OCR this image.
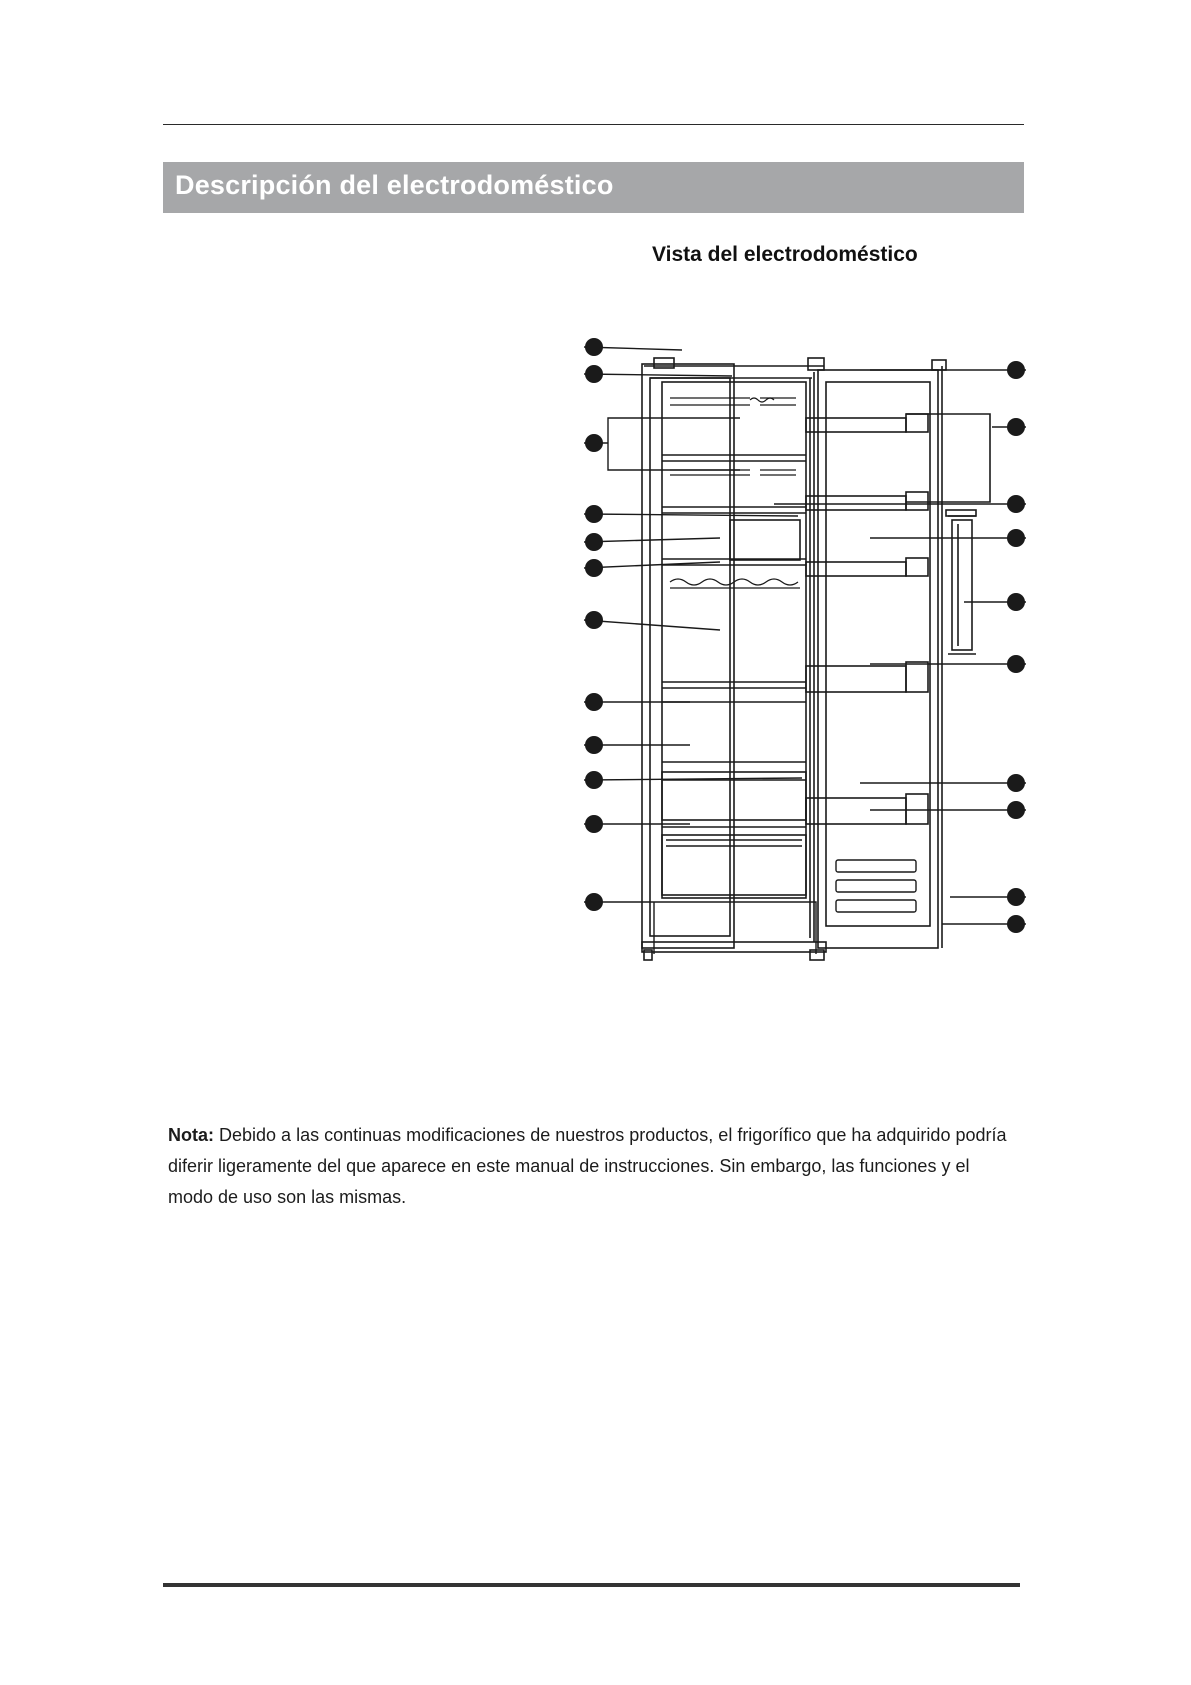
Descripción del electrodoméstico
Vista del electrodoméstico

Nota: Debido a las continuas modificaciones de nuestros productos, el frigorífico que ha adquirido podría diferir ligeramente del que aparece en este manual de instrucciones. Sin embargo, las funciones y el modo de uso son las mismas.
